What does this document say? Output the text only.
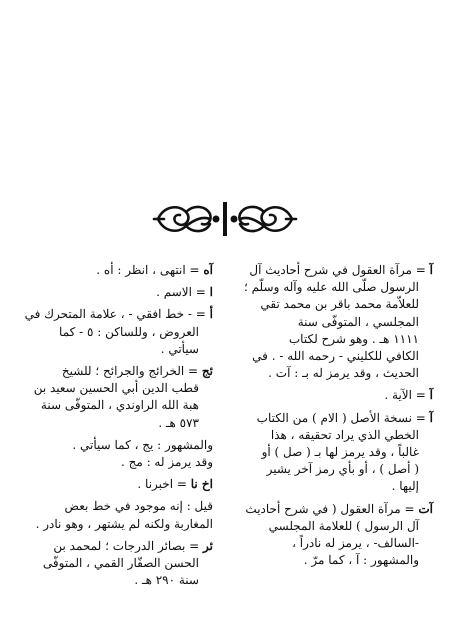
آ = مرآة العقول في شرح أحاديث آل
الرسول صلّى الله عليه وآله وسلّم ؛
للعلاّمة محمد باقر بن محمد تقي
المجلسي ، المتوفّى سنة
١١١١ هـ . وهو شرح لكتاب
الكافي للكليني - رحمه الله - . في
الحديث ، وقد يرمز له بـ : آت .
آ = الآية .
آ = نسخة الأصل ( الام ) من الكتاب
الخطي الذي يراد تحقيقه ، هذا
غالباً ، وقد يرمز لها بـ ( صل ) أو
( أصل ) ، أو بأي رمز آخر يشير
إليها .
آت = مرآة العقول ( في شرح أحاديث
آل الرسول ) للعلامة المجلسي
-السالف- ، يرمز له نادراً ،
والمشهور : آ ، كما مرّ .
آه = انتهى ، انظر : أه .
ا = الاسم .
أ = - خط افقي - ، علامة المتحرك في
العروض ، وللساكن : ٥ - كما
سيأتي .
ئج = الخرائج والجرائح ؛ للشيخ
قطب الدين أبي الحسين سعيد بن
هبة الله الراوندي ، المتوفّى سنة
٥٧٣ هـ .
والمشهور : يج ، كما سيأتي .
وقد يرمز له : مج .
اخ نا = اخبرنا .
قيل : إنه موجود في خط بعض
المغاربة ولكنه لم يشتهر ، وهو نادر .
ئر = بصائر الدرجات ؛ لمحمد بن
الحسن الصفّار القمي ، المتوفّى
سنة ٢٩٠ هـ .
